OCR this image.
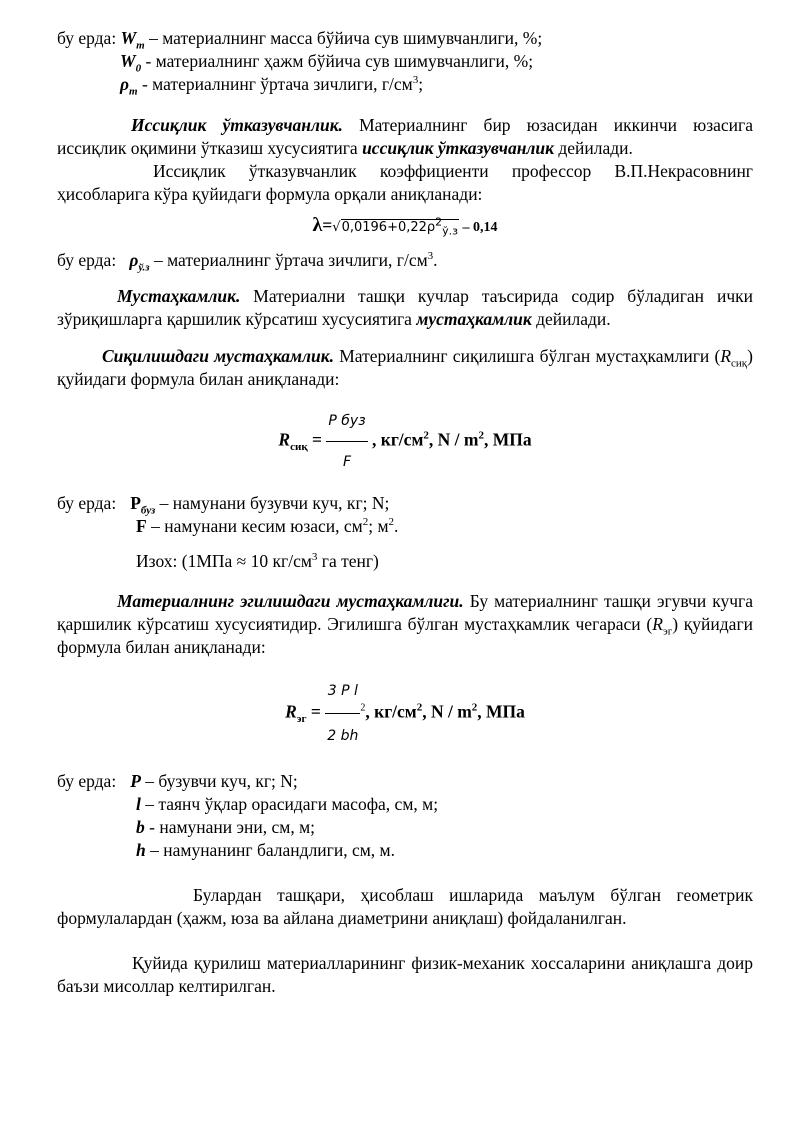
бу ерда: $W_m$ – материалнинг масса бўйича сув шимувчанлиги, %;
$W_0$ - материалнинг ҳажм бўйича сув шимувчанлиги, %;
$\rho_m$ - материалнинг ўртача зичлиги, $г/см^3$;
Иссиқлик ўтказувчанлик. Материалнинг бир юзасидан иккинчи юзасига иссиқлик оқимини ўтказиш хусусиятига иссиқлик ўтказувчанлик дейилади.
Иссиқлик ўтказувчанлик коэффициенти профессор В.П.Некрасовнинг ҳисобларига кўра қуйидаги формула орқали аниқланади:
$\lambda=√0,0196+0,22\rho^2_{ў.з} - 0,14$
бу ерда:   $\rho_{ў.з}$ – материалнинг ўртача зичлиги, $г/см^3$.
Мустаҳкамлик. Материални ташқи кучлар таъсирида содир бўладиган ички зўриқишларга қаршилик кўрсатиш хусусиятига мустаҳкамлик дейилади.
Сиқилишдаги мустаҳкамлик. Материалнинг сиқилишга бўлган мустаҳкамлиги $(R_{сиқ})$ қуйидаги формула билан аниқланади:
$R_{сиқ} = \frac{\text{P буз}}{F}$ , $кг/см^2$, N / $m^2$, МПа
бу ерда: $P_{буз}$ – намунани бузувчи куч, кг; N;
F – намунани кесим юзаси, $см^2$; $м^2$.
Изох: (1МПа ≈ 10 $кг/см^3$ га тенг)
Материалнинг эгилишдаги мустаҳкамлиги. Бу материалнинг ташқи эгувчи кучга қаршилик кўрсатиш хусусиятидир. Эгилишга бўлган мустаҳкамлик чегараси $(R_{эг})$ қуйидаги формула билан аниқланади:
$R_{эг} = \frac{\text{3 P l}}{2 bh} ^2$, $кг/см^2$, N / $m^2$, МПа
бу ерда: P – бузувчи куч, кг; N;
l – таянч ўқлар орасидаги масофа, см, м;
b - намунани эни, см, м;
h – намунанинг баландлиги, см, м.
Булардан ташқари, ҳисоблаш ишларида маълум бўлган геометрик формулалардан (ҳажм, юза ва айлана диаметрини аниқлаш) фойдаланилган.
Қуйида қурилиш материалларининг физик-механик хоссаларини аниқлашга доир баъзи мисоллар келтирилган.
